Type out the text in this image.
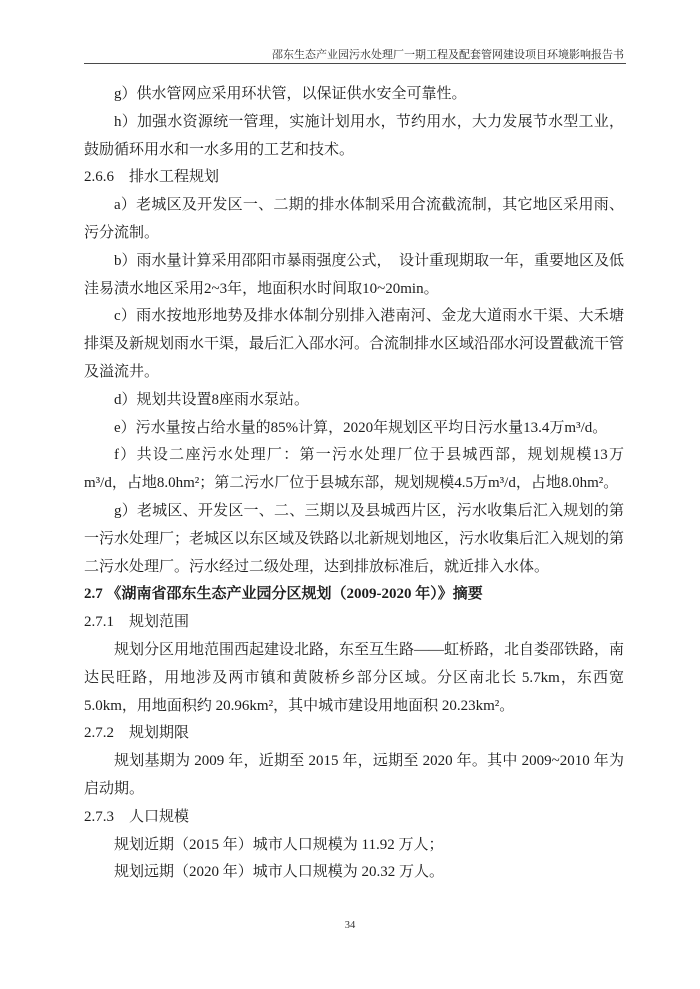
邵东生态产业园污水处理厂一期工程及配套管网建设项目环境影响报告书

g）供水管网应采用环状管，以保证供水安全可靠性。

h）加强水资源统一管理，实施计划用水，节约用水，大力发展节水型工业，鼓励循环用水和一水多用的工艺和技术。

2.6.6　排水工程规划

a）老城区及开发区一、二期的排水体制采用合流截流制，其它地区采用雨、污分流制。

b）雨水量计算采用邵阳市暴雨强度公式，　设计重现期取一年，重要地区及低洼易渍水地区采用2~3年，地面积水时间取10~20min。

c）雨水按地形地势及排水体制分别排入港南河、金龙大道雨水干渠、大禾塘排渠及新规划雨水干渠，最后汇入邵水河。合流制排水区域沿邵水河设置截流干管及溢流井。

d）规划共设置8座雨水泵站。

e）污水量按占给水量的85%计算，2020年规划区平均日污水量13.4万m³/d。

f）共设二座污水处理厂：第一污水处理厂位于县城西部，规划规模13万m³/d，占地8.0hm²；第二污水厂位于县城东部，规划规模4.5万m³/d，占地8.0hm²。

g）老城区、开发区一、二、三期以及县城西片区，污水收集后汇入规划的第一污水处理厂；老城区以东区域及铁路以北新规划地区，污水收集后汇入规划的第二污水处理厂。污水经过二级处理，达到排放标准后，就近排入水体。

2.7 《湖南省邵东生态产业园分区规划（2009-2020 年）》摘要
2.7.1　规划范围

规划分区用地范围西起建设北路，东至互生路——虹桥路，北自娄邵铁路，南达民旺路，用地涉及两市镇和黄陂桥乡部分区域。分区南北长 5.7km，东西宽 5.0km，用地面积约 20.96km²，其中城市建设用地面积 20.23km²。

2.7.2　规划期限

规划基期为 2009 年，近期至 2015 年，远期至 2020 年。其中 2009~2010 年为启动期。

2.7.3　人口规模

规划近期（2015 年）城市人口规模为 11.92 万人；

规划远期（2020 年）城市人口规模为 20.32 万人。

34
